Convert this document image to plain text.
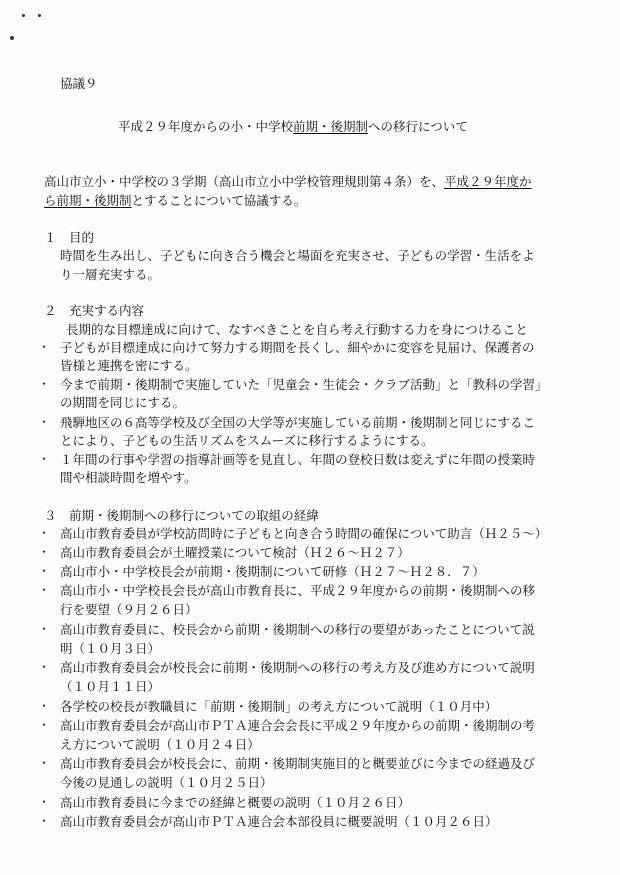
協議９
平成２９年度からの小・中学校前期・後期制への移行について
高山市立小・中学校の３学期（高山市立小中学校管理規則第４条）を、平成２９年度か
ら前期・後期制とすることについて協議する。
１　目的
時間を生み出し、子どもに向き合う機会と場面を充実させ、子どもの学習・生活をよ
り一層充実する。
２　充実する内容
長期的な目標達成に向けて、なすべきことを自ら考え行動する力を身につけること
・ 子どもが目標達成に向けて努力する期間を長くし、細やかに変容を見届け、保護者の
皆様と連携を密にする。
・ 今まで前期・後期制で実施していた「児童会・生徒会・クラブ活動」と「教科の学習」
の期間を同じにする。
・ 飛騨地区の６高等学校及び全国の大学等が実施している前期・後期制と同じにするこ
とにより、子どもの生活リズムをスムーズに移行するようにする。
・ １年間の行事や学習の指導計画等を見直し、年間の登校日数は変えずに年間の授業時
間や相談時間を増やす。
３　前期・後期制への移行についての取組の経緯
・ 高山市教育委員が学校訪問時に子どもと向き合う時間の確保について助言（Ｈ２５～）
・ 高山市教育委員会が土曜授業について検討（Ｈ２６～Ｈ２７）
・ 高山市小・中学校長会が前期・後期制について研修（Ｈ２７～Ｈ２８．７）
・ 高山市小・中学校長会長が高山市教育長に、平成２９年度からの前期・後期制への移
行を要望（９月２６日）
・ 高山市教育委員に、校長会から前期・後期制への移行の要望があったことについて説
明（１０月３日）
・ 高山市教育委員会が校長会に前期・後期制への移行の考え方及び進め方について説明
（１０月１１日）
・ 各学校の校長が教職員に「前期・後期制」の考え方について説明（１０月中）
・ 高山市教育委員会が高山市ＰＴＡ連合会会長に平成２９年度からの前期・後期制の考
え方について説明（１０月２４日）
・ 高山市教育委員会が校長会に、前期・後期制実施目的と概要並びに今までの経過及び
今後の見通しの説明（１０月２５日）
・ 高山市教育委員に今までの経緯と概要の説明（１０月２６日）
・ 高山市教育委員会が高山市ＰＴＡ連合会本部役員に概要説明（１０月２６日）
